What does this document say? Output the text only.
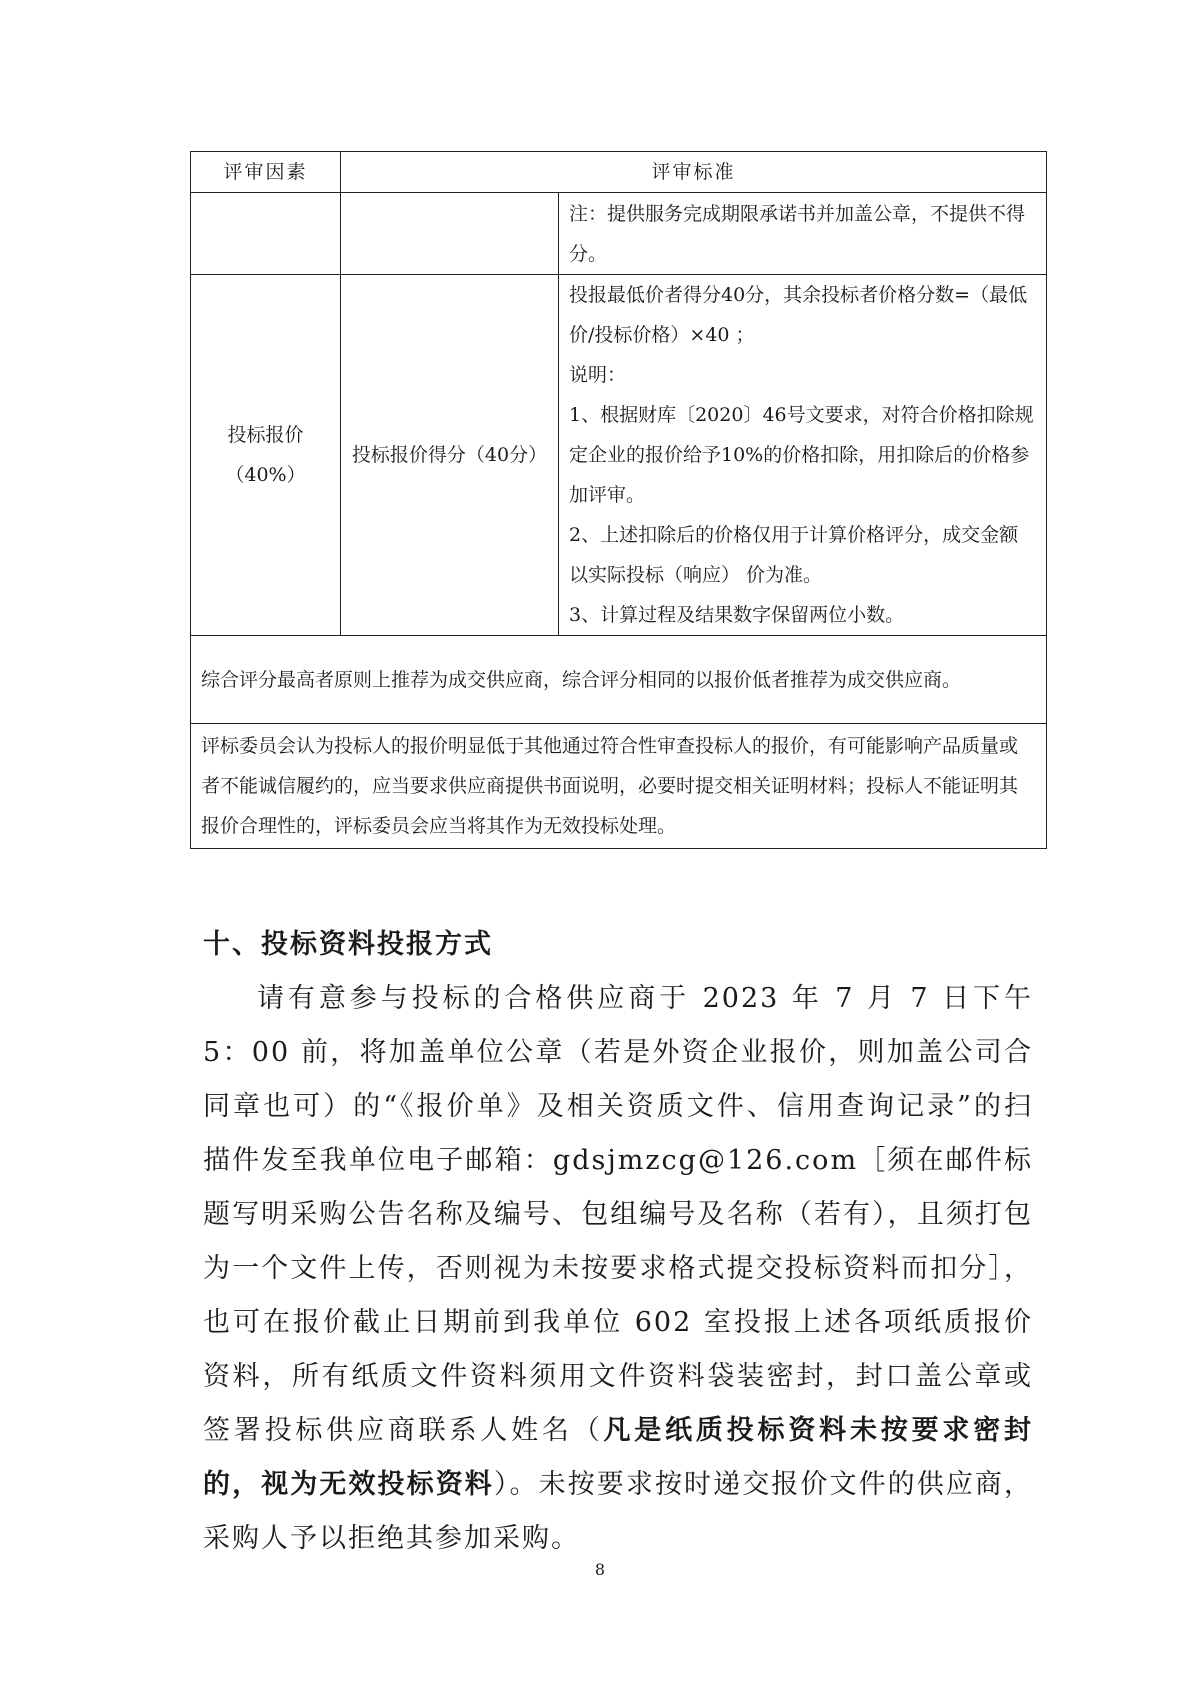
评审因素	评审标准	
		注：提供服务完成期限承诺书并加盖公章，不提供不得分。

投标报价
（40%）	投标报价得分（40分）	投报最低价者得分40分，其余投标者价格分数=（最低价/投标价格）×40 ；
说明：
1、根据财库〔2020〕46号文要求，对符合价格扣除规定企业的报价给予10%的价格扣除，用扣除后的价格参加评审。
2、上述扣除后的价格仅用于计算价格评分，成交金额以实际投标（响应） 价为准。
3、计算过程及结果数字保留两位小数。

综合评分最高者原则上推荐为成交供应商，综合评分相同的以报价低者推荐为成交供应商。		
评标委员会认为投标人的报价明显低于其他通过符合性审查投标人的报价，有可能影响产品质量或者不能诚信履约的，应当要求供应商提供书面说明，必要时提交相关证明材料；投标人不能证明其报价合理性的，评标委员会应当将其作为无效投标处理。		
十、投标资料投报方式

请有意参与投标的合格供应商于 2023 年 7 月 7 日下午 5：00 前，将加盖单位公章（若是外资企业报价，则加盖公司合同章也可）的“《报价单》及相关资质文件、信用查询记录”的扫描件发至我单位电子邮箱：gdsjmzcg@126.com［须在邮件标题写明采购公告名称及编号、包组编号及名称（若有），且须打包为一个文件上传，否则视为未按要求格式提交投标资料而扣分］，也可在报价截止日期前到我单位 602 室投报上述各项纸质报价资料，所有纸质文件资料须用文件资料袋装密封，封口盖公章或签署投标供应商联系人姓名（凡是纸质投标资料未按要求密封的，视为无效投标资料）。未按要求按时递交报价文件的供应商，采购人予以拒绝其参加采购。

8
